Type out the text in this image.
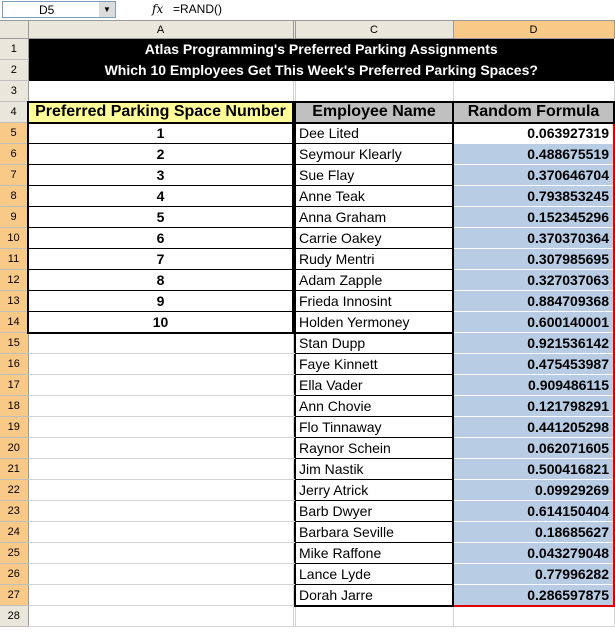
D5	▼	fx =RAND()
	A		C	D
1	Atlas Programming's Preferred Parking Assignments			
2	Which 10 Employees Get This Week's Preferred Parking Spaces?			
3				
4	Preferred Parking Space Number		Employee Name	Random Formula
5	1		Dee Lited	0.063927319
6	2		Seymour Klearly	0.488675519
7	3		Sue Flay	0.370646704
8	4		Anne Teak	0.793853245
9	5		Anna Graham	0.152345296
10	6		Carrie Oakey	0.370370364
11	7		Rudy Mentri	0.307985695
12	8		Adam Zapple	0.327037063
13	9		Frieda Innosint	0.884709368
14	10		Holden Yermoney	0.600140001
15			Stan Dupp	0.921536142
16			Faye Kinnett	0.475453987
17			Ella Vader	0.909486115
18			Ann Chovie	0.121798291
19			Flo Tinnaway	0.441205298
20			Raynor Schein	0.062071605
21			Jim Nastik	0.500416821
22			Jerry Atrick	0.09929269
23			Barb Dwyer	0.614150404
24			Barbara Seville	0.18685627
25			Mike Raffone	0.043279048
26			Lance Lyde	0.77996282
27			Dorah Jarre	0.286597875
28				
